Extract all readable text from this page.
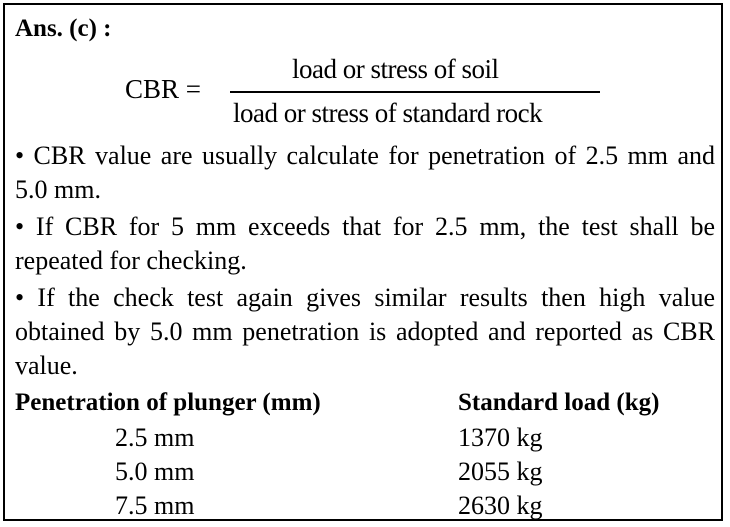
Ans. (c) :
CBR =
load or stress of soil
load or stress of standard rock
• CBR value are usually calculate for penetration of 2.5 mm and 5.0 mm.
• If CBR for 5 mm exceeds that for 2.5 mm, the test shall be repeated for checking.
• If the check test again gives similar results then high value obtained by 5.0 mm penetration is adopted and reported as CBR value.
Penetration of plunger (mm)	Standard load (kg)
2.5 mm	1370 kg
5.0 mm	2055 kg
7.5 mm	2630 kg
